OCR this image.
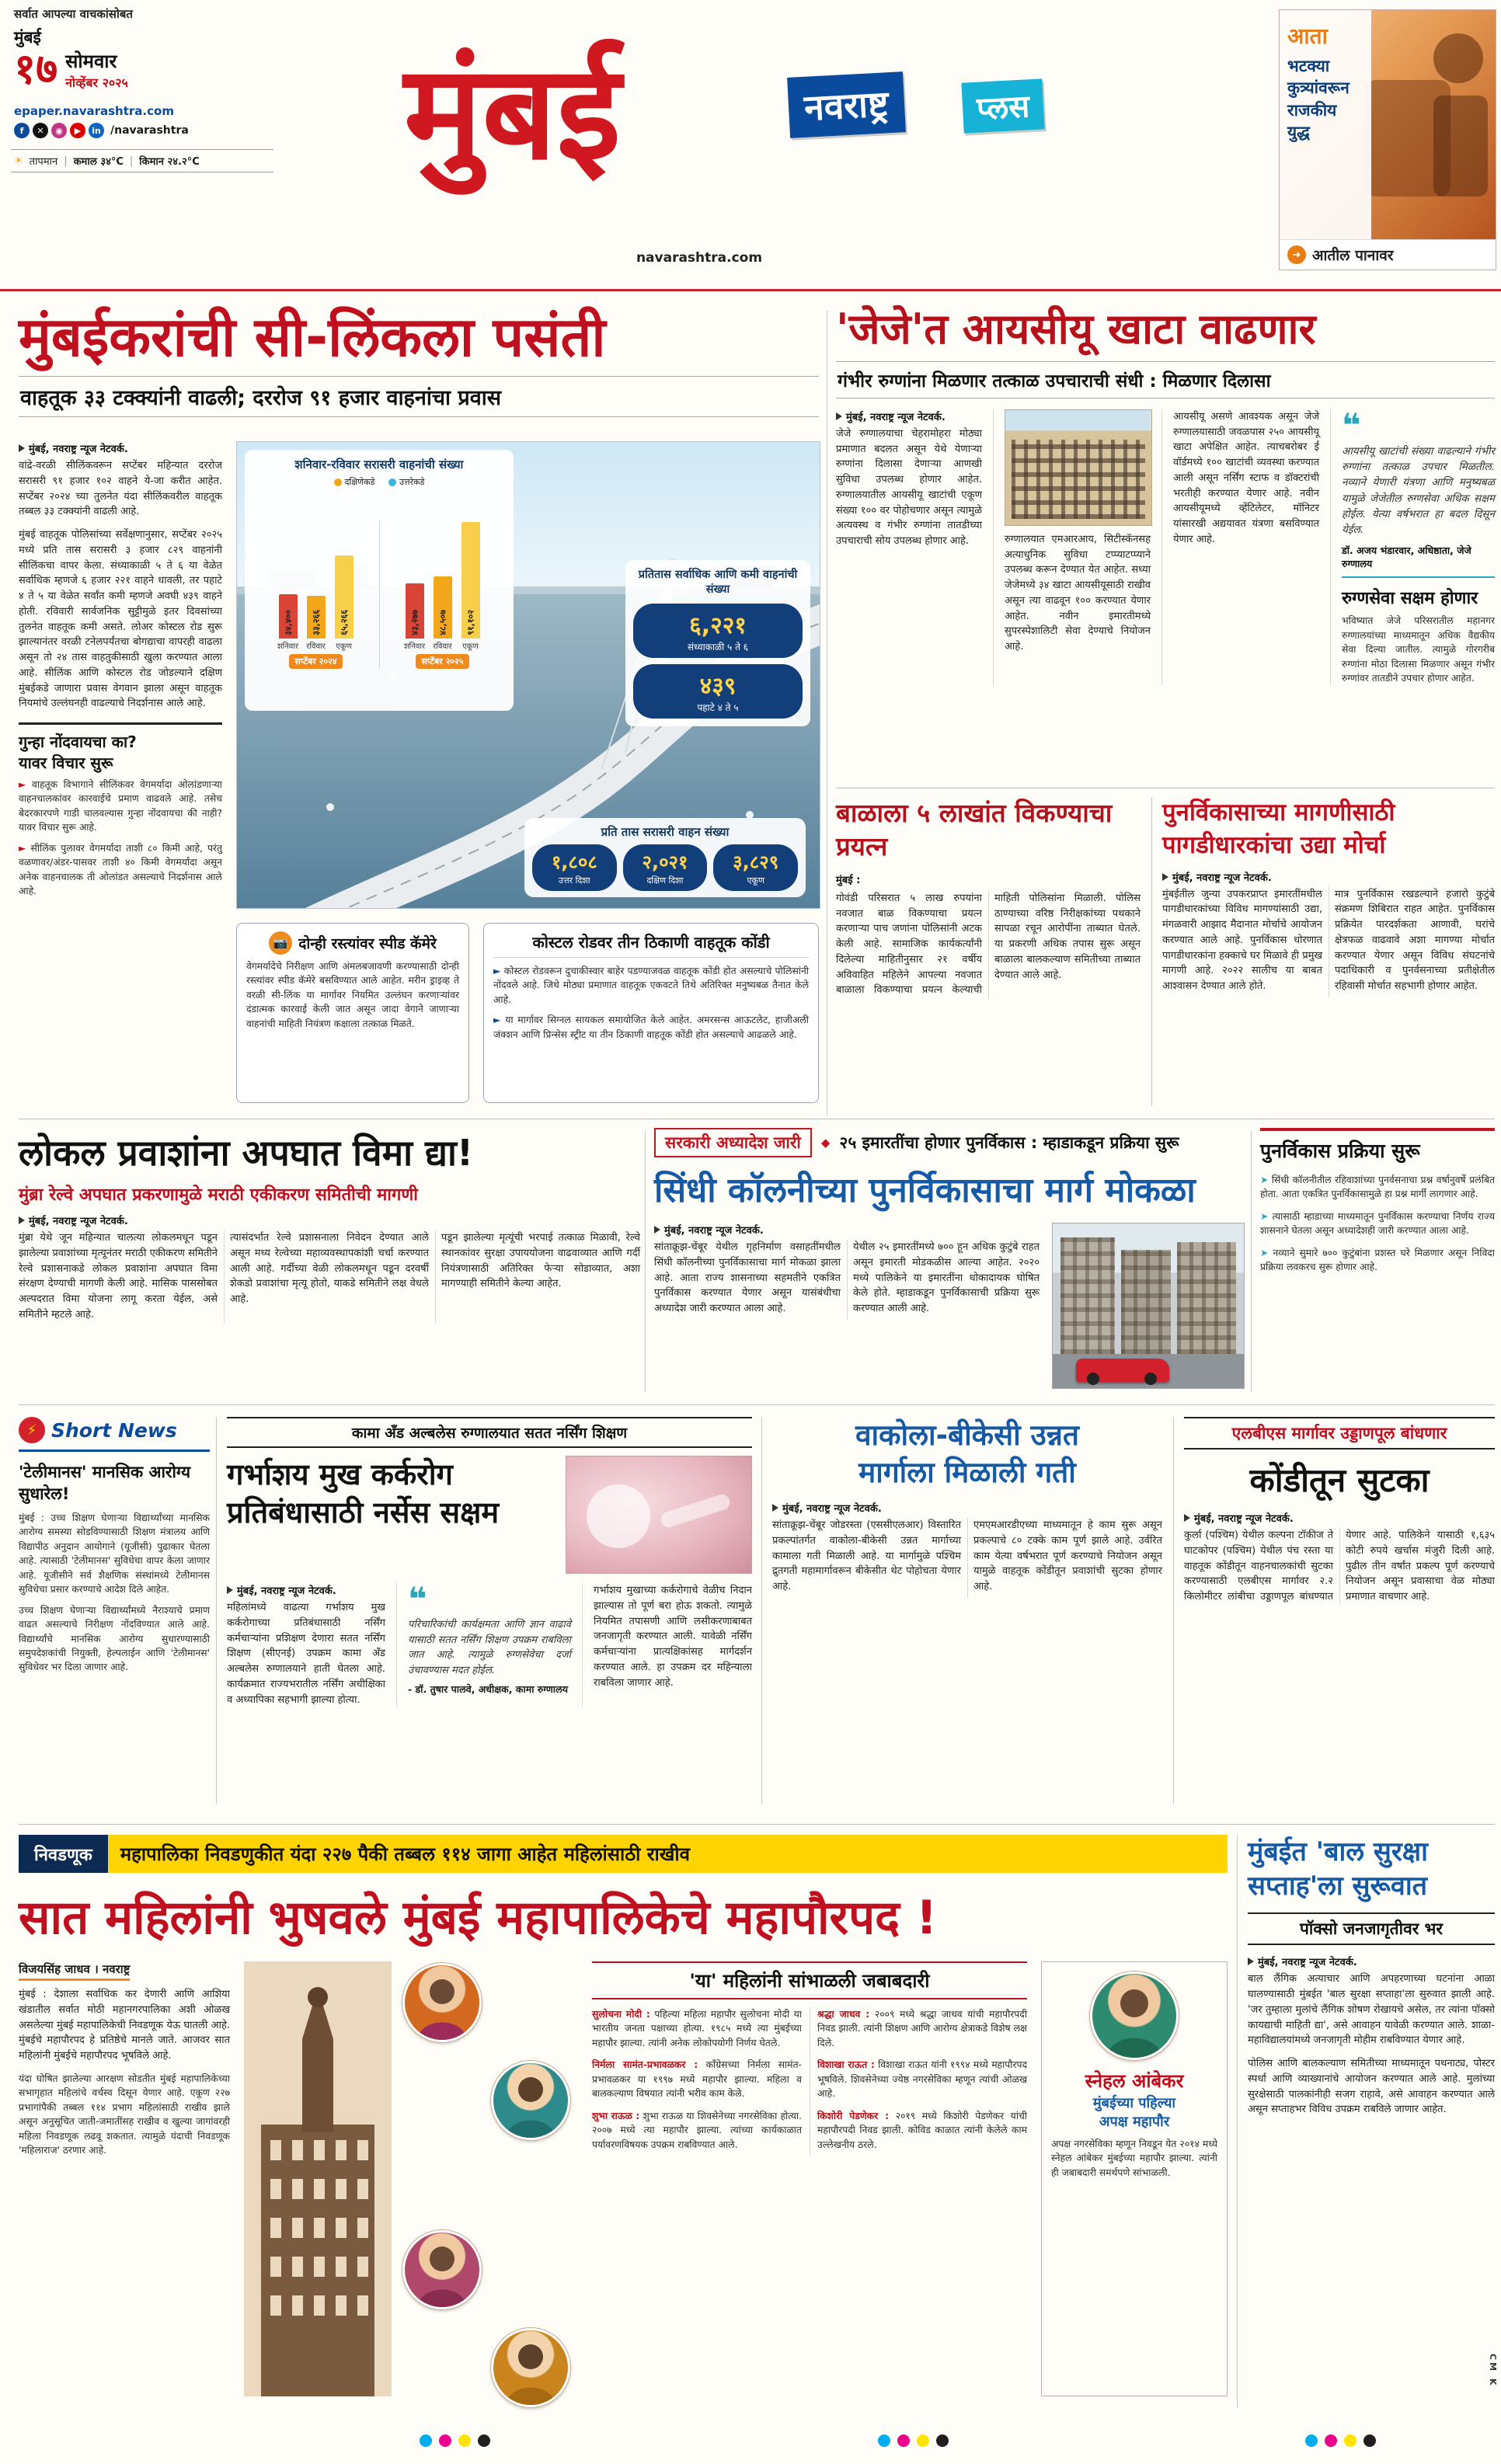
सर्वात आपल्या वाचकांसोबत
मुंबई
१७ सोमवार
नोव्हेंबर २०२५
epaper.navarashtra.com
f	✕	◉	▶	in /navarashtra
☀ तापमान | कमाल ३४°C | किमान २४.२°C मुंबई	नवराष्ट्र	प्लस
navarashtra.com
आता
भटक्या कुत्र्यांवरून राजकीय युद्ध
➜ आतील पानावर
मुंबईकरांची सी-लिंकला पसंती
वाहतूक ३३ टक्क्यांनी वाढली; दररोज ९१ हजार वाहनांचा प्रवास
मुंबई, नवराष्ट्र न्यूज नेटवर्क.

वांद्रे-वरळी सीलिंकवरून सप्टेंबर महिन्यात दररोज सरासरी ९१ हजार १०२ वाहने ये-जा करीत आहेत. सप्टेंबर २०२४ च्या तुलनेत यंदा सीलिंकवरील वाहतूक तब्बल ३३ टक्क्यांनी वाढली आहे.

मुंबई वाहतूक पोलिसांच्या सर्वेक्षणानुसार, सप्टेंबर २०२५ मध्ये प्रति तास सरासरी ३ हजार ८२९ वाहनांनी सीलिंकचा वापर केला. संध्याकाळी ५ ते ६ या वेळेत सर्वाधिक म्हणजे ६ हजार २२१ वाहने धावली, तर पहाटे ४ ते ५ या वेळेत सर्वांत कमी म्हणजे अवघी ४३९ वाहने होती. रविवारी सार्वजनिक सुट्टीमुळे इतर दिवसांच्या तुलनेत वाहतूक कमी असते. लोअर कोस्टल रोड सुरू झाल्यानंतर वरळी टनेलपर्यंतचा बोगद्याचा वापरही वाढला असून तो २४ तास वाहतुकीसाठी खुला करण्यात आला आहे. सीलिंक आणि कोस्टल रोड जोडल्याने दक्षिण मुंबईकडे जाणारा प्रवास वेगवान झाला असून वाहतूक नियमांचे उल्लंघनही वाढल्याचे निदर्शनास आले आहे.

गुन्हा नोंदवायचा का?
यावर विचार सुरू

► वाहतूक विभागाने सीलिंकवर वेगमर्यादा ओलांडणाऱ्या वाहनचालकांवर कारवाईचे प्रमाण वाढवले आहे. तसेच बेदरकारपणे गाडी चालवल्यास गुन्हा नोंदवायचा की नाही? यावर विचार सुरू आहे.

► सीलिंक पुलावर वेगमर्यादा ताशी ८० किमी आहे, परंतु वळणावर/अंडर-पासवर ताशी ४० किमी वेगमर्यादा असून अनेक वाहनचालक ती ओलांडत असल्याचे निदर्शनास आले आहे.

शनिवार-रविवार सरासरी वाहनांची संख्या
दक्षिणेकडे	उत्तरेकडे
३४,४००
शनिवार
३३,२६६
रविवार
६५,२६६
एकूण
सप्टेंबर २०२४
४३,२७७
शनिवार
४८,५०७
रविवार
९१,१०२
एकूण
सप्टेंबर २०२५
प्रतितास सर्वाधिक आणि कमी वाहनांची संख्या
६,२२१
संध्याकाळी ५ ते ६
४३९
पहाटे ४ ते ५
प्रति तास सरासरी वाहन संख्या
१,८०८
उत्तर दिशा
२,०२१
दक्षिण दिशा
३,८२९
एकूण
📷 दोन्ही रस्त्यांवर स्पीड कॅमेरे

वेगमर्यादेचे निरीक्षण आणि अंमलबजावणी करण्यासाठी दोन्ही रस्त्यांवर स्पीड कॅमेरे बसविण्यात आले आहेत. मरीन ड्राइव्ह ते वरळी सी-लिंक या मार्गावर नियमित उल्लंघन करणाऱ्यांवर दंडात्मक कारवाई केली जात असून जादा वेगाने जाणाऱ्या वाहनांची माहिती नियंत्रण कक्षाला तत्काळ मिळते.

कोस्टल रोडवर तीन ठिकाणी वाहतूक कोंडी

► कोस्टल रोडवरून दुचाकीस्वार बाहेर पडण्याजवळ वाहतूक कोंडी होत असल्याचे पोलिसांनी नोंदवले आहे. जिथे मोठ्या प्रमाणात वाहतूक एकवटते तिथे अतिरिक्त मनुष्यबळ तैनात केले आहे.

► या मार्गावर सिग्नल सायकल समायोजित केले आहेत. अमरसन्स आऊटलेट, हाजीअली जंक्शन आणि प्रिन्सेस स्ट्रीट या तीन ठिकाणी वाहतूक कोंडी होत असल्याचे आढळले आहे.

'जेजे'त आयसीयू खाटा वाढणार
गंभीर रुग्णांना मिळणार तत्काळ उपचाराची संधी : मिळणार दिलासा
मुंबई, नवराष्ट्र न्यूज नेटवर्क.

जेजे रुग्णालयाचा चेहरामोहरा मोठ्या प्रमाणात बदलत असून येथे येणाऱ्या रुग्णांना दिलासा देणाऱ्या आणखी सुविधा उपलब्ध होणार आहेत. रुग्णालयातील आयसीयू खाटांची एकूण संख्या १०० वर पोहोचणार असून त्यामुळे अत्यवस्थ व गंभीर रुग्णांना तातडीच्या उपचाराची सोय उपलब्ध होणार आहे.	रुग्णालयात एमआरआय, सिटीस्कॅनसह अत्याधुनिक सुविधा टप्प्याटप्प्याने उपलब्ध करून देण्यात येत आहेत. सध्या जेजेमध्ये ३४ खाटा आयसीयूसाठी राखीव असून त्या वाढवून १०० करण्यात येणार आहेत. नवीन इमारतीमध्ये सुपरस्पेशालिटी सेवा देण्याचे नियोजन आहे.

आयसीयू असणे आवश्यक असून जेजे रुग्णालयासाठी जवळपास २५० आयसीयू खाटा अपेक्षित आहेत. त्याचबरोबर ई वॉर्डमध्ये १०० खाटांची व्यवस्था करण्यात आली असून नर्सिंग स्टाफ व डॉक्टरांची भरतीही करण्यात येणार आहे. नवीन आयसीयूमध्ये व्हेंटिलेटर, मॉनिटर यांसारखी अद्ययावत यंत्रणा बसविण्यात येणार आहे.

❝

आयसीयू खाटांची संख्या वाढल्याने गंभीर रुग्णांना तत्काळ उपचार मिळतील. नव्याने येणारी यंत्रणा आणि मनुष्यबळ यामुळे जेजेतील रुग्णसेवा अधिक सक्षम होईल. येत्या वर्षभरात हा बदल दिसून येईल.

डॉ. अजय भंडारवार, अधिष्ठाता, जेजे रुग्णालय
रुग्णसेवा सक्षम होणार

भविष्यात जेजे परिसरातील महानगर रुग्णालयांच्या माध्यमातून अधिक वैद्यकीय सेवा दिल्या जातील. त्यामुळे गोरगरीब रुग्णांना मोठा दिलासा मिळणार असून गंभीर रुग्णांवर तातडीने उपचार होणार आहेत.

बाळाला ५ लाखांत विकण्याचा प्रयत्न
मुंबई :

गोवंडी परिसरात ५ लाख रुपयांना नवजात बाळ विकण्याचा प्रयत्न करणाऱ्या पाच जणांना पोलिसांनी अटक केली आहे. सामाजिक कार्यकर्त्यांनी दिलेल्या माहितीनुसार २१ वर्षीय अविवाहित महिलेने आपल्या नवजात बाळाला विकण्याचा प्रयत्न केल्याची माहिती पोलिसांना मिळाली. पोलिस ठाण्याच्या वरिष्ठ निरीक्षकांच्या पथकाने सापळा रचून आरोपींना ताब्यात घेतले. या प्रकरणी अधिक तपास सुरू असून बाळाला बालकल्याण समितीच्या ताब्यात देण्यात आले आहे.

पुनर्विकासाच्या मागणीसाठी
पागडीधारकांचा उद्या मोर्चा
मुंबई, नवराष्ट्र न्यूज नेटवर्क.

मुंबईतील जुन्या उपकरप्राप्त इमारतींमधील पागडीधारकांच्या विविध मागण्यांसाठी उद्या, मंगळवारी आझाद मैदानात मोर्चाचे आयोजन करण्यात आले आहे. पुनर्विकास धोरणात पागडीधारकांना हक्काचे घर मिळावे ही प्रमुख मागणी आहे. २०२२ सालीच या बाबत आश्वासन देण्यात आले होते.

मात्र पुनर्विकास रखडल्याने हजारो कुटुंबे संक्रमण शिबिरात राहत आहेत. पुनर्विकास प्रक्रियेत पारदर्शकता आणावी, घरांचे क्षेत्रफळ वाढवावे अशा मागण्या मोर्चात करण्यात येणार असून विविध संघटनांचे पदाधिकारी व पुनर्वसनाच्या प्रतीक्षेतील रहिवासी मोर्चात सहभागी होणार आहेत.

लोकल प्रवाशांना अपघात विमा द्या!
मुंब्रा रेल्वे अपघात प्रकरणामुळे मराठी एकीकरण समितीची मागणी
मुंबई, नवराष्ट्र न्यूज नेटवर्क.

मुंब्रा येथे जून महिन्यात चालत्या लोकलमधून पडून झालेल्या प्रवाशांच्या मृत्यूनंतर मराठी एकीकरण समितीने रेल्वे प्रशासनाकडे लोकल प्रवाशांना अपघात विमा संरक्षण देण्याची मागणी केली आहे. मासिक पाससोबत अल्पदरात विमा योजना लागू करता येईल, असे समितीने म्हटले आहे.

त्यासंदर्भात रेल्वे प्रशासनाला निवेदन देण्यात आले असून मध्य रेल्वेच्या महाव्यवस्थापकांशी चर्चा करण्यात आली आहे. गर्दीच्या वेळी लोकलमधून पडून दरवर्षी शेकडो प्रवाशांचा मृत्यू होतो, याकडे समितीने लक्ष वेधले आहे.

पडून झालेल्या मृत्यूंची भरपाई तत्काळ मिळावी, रेल्वे स्थानकांवर सुरक्षा उपाययोजना वाढवाव्यात आणि गर्दी नियंत्रणासाठी अतिरिक्त फेऱ्या सोडाव्यात, अशा मागण्याही समितीने केल्या आहेत.

सरकारी अध्यादेश जारी	◆ २५ इमारतींचा होणार पुनर्विकास : म्हाडाकडून प्रक्रिया सुरू
सिंधी कॉलनीच्या पुनर्विकासाचा मार्ग मोकळा
मुंबई, नवराष्ट्र न्यूज नेटवर्क.

सांताक्रूझ-चेंबूर येथील गृहनिर्माण वसाहतींमधील सिंधी कॉलनीच्या पुनर्विकासाचा मार्ग मोकळा झाला आहे. आता राज्य शासनाच्या सहमतीने एकत्रित पुनर्विकास करण्यात येणार असून यासंबंधीचा अध्यादेश जारी करण्यात आला आहे.

येथील २५ इमारतींमध्ये ७०० हून अधिक कुटुंबे राहत असून इमारती मोडकळीस आल्या आहेत. २०२० मध्ये पालिकेने या इमारतींना धोकादायक घोषित केले होते. म्हाडाकडून पुनर्विकासाची प्रक्रिया सुरू करण्यात आली आहे.

पुनर्विकास प्रक्रिया सुरू

➤ सिंधी कॉलनीतील रहिवाशांच्या पुनर्वसनाचा प्रश्न वर्षानुवर्षे प्रलंबित होता. आता एकत्रित पुनर्विकासामुळे हा प्रश्न मार्गी लागणार आहे.

➤ त्यासाठी म्हाडाच्या माध्यमातून पुनर्विकास करण्याचा निर्णय राज्य शासनाने घेतला असून अध्यादेशही जारी करण्यात आला आहे.

➤ नव्याने सुमारे ७०० कुटुंबांना प्रशस्त घरे मिळणार असून निविदा प्रक्रिया लवकरच सुरू होणार आहे.

⚡ Short News
'टेलीमानस' मानसिक आरोग्य सुधारेल!

मुंबई : उच्च शिक्षण घेणाऱ्या विद्यार्थ्यांच्या मानसिक आरोग्य समस्या सोडविण्यासाठी शिक्षण मंत्रालय आणि विद्यापीठ अनुदान आयोगाने (यूजीसी) पुढाकार घेतला आहे. त्यासाठी 'टेलीमानस' सुविधेचा वापर केला जाणार आहे. यूजीसीने सर्व शैक्षणिक संस्थांमध्ये टेलीमानस सुविधेचा प्रसार करण्याचे आदेश दिले आहेत.

उच्च शिक्षण घेणाऱ्या विद्यार्थ्यांमध्ये नैराश्याचे प्रमाण वाढत असल्याचे निरीक्षण नोंदविण्यात आले आहे. विद्यार्थ्यांचे मानसिक आरोग्य सुधारण्यासाठी समुपदेशकांची नियुक्ती, हेल्पलाईन आणि 'टेलीमानस' सुविधेवर भर दिला जाणार आहे.

कामा अँड अल्बलेस रुग्णालयात सतत नर्सिंग शिक्षण
गर्भाशय मुख कर्करोग
प्रतिबंधासाठी नर्सेस सक्षम
मुंबई, नवराष्ट्र न्यूज नेटवर्क.

महिलांमध्ये वाढत्या गर्भाशय मुख कर्करोगाच्या प्रतिबंधासाठी नर्सिंग कर्मचाऱ्यांना प्रशिक्षण देणारा सतत नर्सिंग शिक्षण (सीएनई) उपक्रम कामा अँड अल्बलेस रुग्णालयाने हाती घेतला आहे. कार्यक्रमात राज्यभरातील नर्सिंग अधीक्षिका व अध्यापिका सहभागी झाल्या होत्या.

❝

परिचारिकांची कार्यक्षमता आणि ज्ञान वाढावे यासाठी सतत नर्सिंग शिक्षण उपक्रम राबविला जात आहे. त्यामुळे रुग्णसेवेचा दर्जा उंचावण्यास मदत होईल.

- डॉ. तुषार पालवे, अधीक्षक, कामा रुग्णालय

गर्भाशय मुखाच्या कर्करोगाचे वेळीच निदान झाल्यास तो पूर्ण बरा होऊ शकतो. त्यामुळे नियमित तपासणी आणि लसीकरणाबाबत जनजागृती करण्यात आली. यावेळी नर्सिंग कर्मचाऱ्यांना प्रात्यक्षिकांसह मार्गदर्शन करण्यात आले. हा उपक्रम दर महिन्याला राबविला जाणार आहे.

वाकोला-बीकेसी उन्नत
मार्गाला मिळाली गती
मुंबई, नवराष्ट्र न्यूज नेटवर्क.

सांताक्रूझ-चेंबूर जोडरस्ता (एससीएलआर) विस्तारित प्रकल्पांतर्गत वाकोला-बीकेसी उन्नत मार्गाच्या कामाला गती मिळाली आहे. या मार्गामुळे पश्चिम द्रुतगती महामार्गावरून बीकेसीत थेट पोहोचता येणार आहे.

एमएमआरडीएच्या माध्यमातून हे काम सुरू असून प्रकल्पाचे ८० टक्के काम पूर्ण झाले आहे. उर्वरित काम येत्या वर्षभरात पूर्ण करण्याचे नियोजन असून यामुळे वाहतूक कोंडीतून प्रवाशांची सुटका होणार आहे.

एलबीएस मार्गावर उड्डाणपूल बांधणार
कोंडीतून सुटका
मुंबई, नवराष्ट्र न्यूज नेटवर्क.

कुर्ला (पश्चिम) येथील कल्पना टॉकीज ते घाटकोपर (पश्चिम) येथील पंच रस्ता या वाहतूक कोंडीतून वाहनचालकांची सुटका करण्यासाठी एलबीएस मार्गावर २.२ किलोमीटर लांबीचा उड्डाणपूल बांधण्यात येणार आहे. पालिकेने यासाठी १,६३५ कोटी रुपये खर्चास मंजुरी दिली आहे. पुढील तीन वर्षांत प्रकल्प पूर्ण करण्याचे नियोजन असून प्रवासाचा वेळ मोठ्या प्रमाणात वाचणार आहे.

निवडणूक	महापालिका निवडणुकीत यंदा २२७ पैकी तब्बल ११४ जागा आहेत महिलांसाठी राखीव
सात महिलांनी भुषवले मुंबई महापालिकेचे महापौरपद !
विजयसिंह जाधव । नवराष्ट्र

मुंबई : देशाला सर्वाधिक कर देणारी आणि आशिया खंडातील सर्वात मोठी महानगरपालिका अशी ओळख असलेल्या मुंबई महापालिकेची निवडणूक येऊ घातली आहे. मुंबईचे महापौरपद हे प्रतिष्ठेचे मानले जाते. आजवर सात महिलांनी मुंबईचे महापौरपद भूषविले आहे.

यंदा घोषित झालेल्या आरक्षण सोडतीत मुंबई महापालिकेच्या सभागृहात महिलांचे वर्चस्व दिसून येणार आहे. एकूण २२७ प्रभागांपैकी तब्बल ११४ प्रभाग महिलांसाठी राखीव झाले असून अनुसूचित जाती-जमातींसह राखीव व खुल्या जागांवरही महिला निवडणूक लढवू शकतात. त्यामुळे यंदाची निवडणूक 'महिलाराज' ठरणार आहे.

'या' महिलांनी सांभाळली जबाबदारी

सुलोचना मोदी : पहिल्या महिला महापौर सुलोचना मोदी या भारतीय जनता पक्षाच्या होत्या. १९८५ मध्ये त्या मुंबईच्या महापौर झाल्या. त्यांनी अनेक लोकोपयोगी निर्णय घेतले.

निर्मला सामंत-प्रभावळकर : काँग्रेसच्या निर्मला सामंत-प्रभावळकर या १९९७ मध्ये महापौर झाल्या. महिला व बालकल्याण विषयात त्यांनी भरीव काम केले.

शुभा राऊळ : शुभा राऊळ या शिवसेनेच्या नगरसेविका होत्या. २००७ मध्ये त्या महापौर झाल्या. त्यांच्या कार्यकाळात पर्यावरणविषयक उपक्रम राबविण्यात आले.

श्रद्धा जाधव : २००९ मध्ये श्रद्धा जाधव यांची महापौरपदी निवड झाली. त्यांनी शिक्षण आणि आरोग्य क्षेत्राकडे विशेष लक्ष दिले.

विशाखा राऊत : विशाखा राऊत यांनी १९९४ मध्ये महापौरपद भूषविले. शिवसेनेच्या ज्येष्ठ नगरसेविका म्हणून त्यांची ओळख आहे.

किशोरी पेडणेकर : २०१९ मध्ये किशोरी पेडणेकर यांची महापौरपदी निवड झाली. कोविड काळात त्यांनी केलेले काम उल्लेखनीय ठरले.

स्नेहल आंबेकर
मुंबईच्या पहिल्या
अपक्ष महापौर

अपक्ष नगरसेविका म्हणून निवडून येत २०१४ मध्ये स्नेहल आंबेकर मुंबईच्या महापौर झाल्या. त्यांनी ही जबाबदारी समर्थपणे सांभाळली.

मुंबईत 'बाल सुरक्षा
सप्ताह'ला सुरूवात
पॉक्सो जनजागृतीवर भर
मुंबई, नवराष्ट्र न्यूज नेटवर्क.

बाल लैंगिक अत्याचार आणि अपहरणाच्या घटनांना आळा घालण्यासाठी मुंबईत 'बाल सुरक्षा सप्ताहा'ला सुरुवात झाली आहे. 'जर तुम्हाला मुलांचे लैंगिक शोषण रोखायचे असेल, तर त्यांना पॉक्सो कायद्याची माहिती द्या', असे आवाहन यावेळी करण्यात आले. शाळा-महाविद्यालयांमध्ये जनजागृती मोहीम राबविण्यात येणार आहे.

पोलिस आणि बालकल्याण समितीच्या माध्यमातून पथनाट्य, पोस्टर स्पर्धा आणि व्याख्यानांचे आयोजन करण्यात आले आहे. मुलांच्या सुरक्षेसाठी पालकांनीही सजग राहावे, असे आवाहन करण्यात आले असून सप्ताहभर विविध उपक्रम राबविले जाणार आहेत.

CM K
